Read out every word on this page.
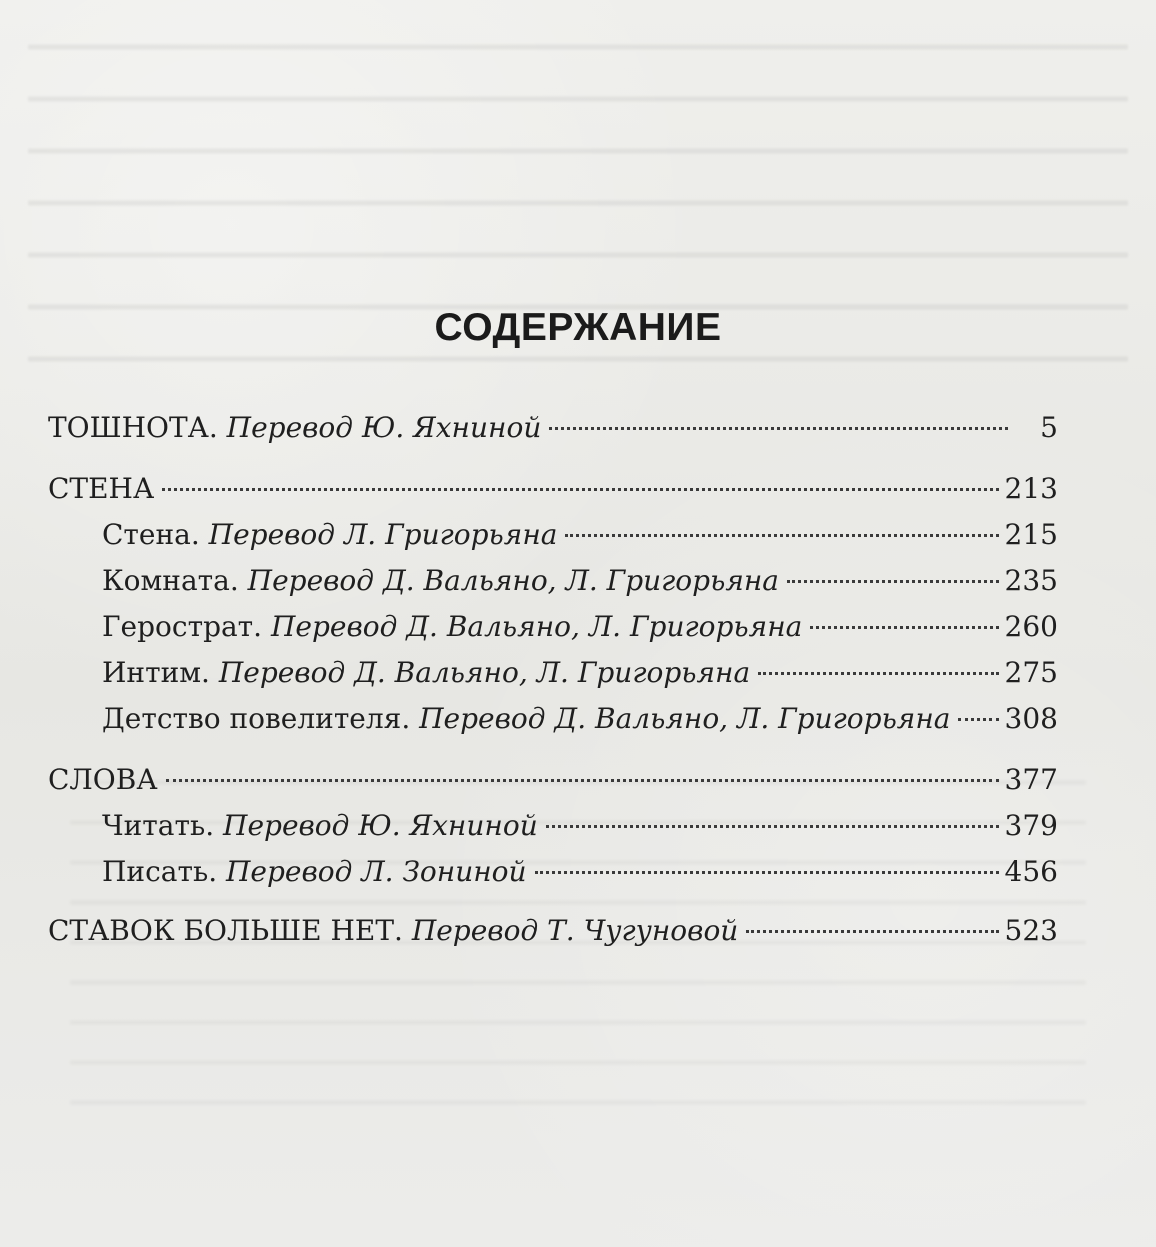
СОДЕРЖАНИЕ
ТОШНОТА. Перевод Ю. Яхниной	5
СТЕНА	213
Стена. Перевод Л. Григорьяна	215
Комната. Перевод Д. Вальяно, Л. Григорьяна	235
Герострат. Перевод Д. Вальяно, Л. Григорьяна	260
Интим. Перевод Д. Вальяно, Л. Григорьяна	275
Детство повелителя. Перевод Д. Вальяно, Л. Григорьяна 308
СЛОВА	377
Читать. Перевод Ю. Яхниной	379
Писать. Перевод Л. Зониной	456
СТАВОК БОЛЬШЕ НЕТ. Перевод Т. Чугуновой	523
